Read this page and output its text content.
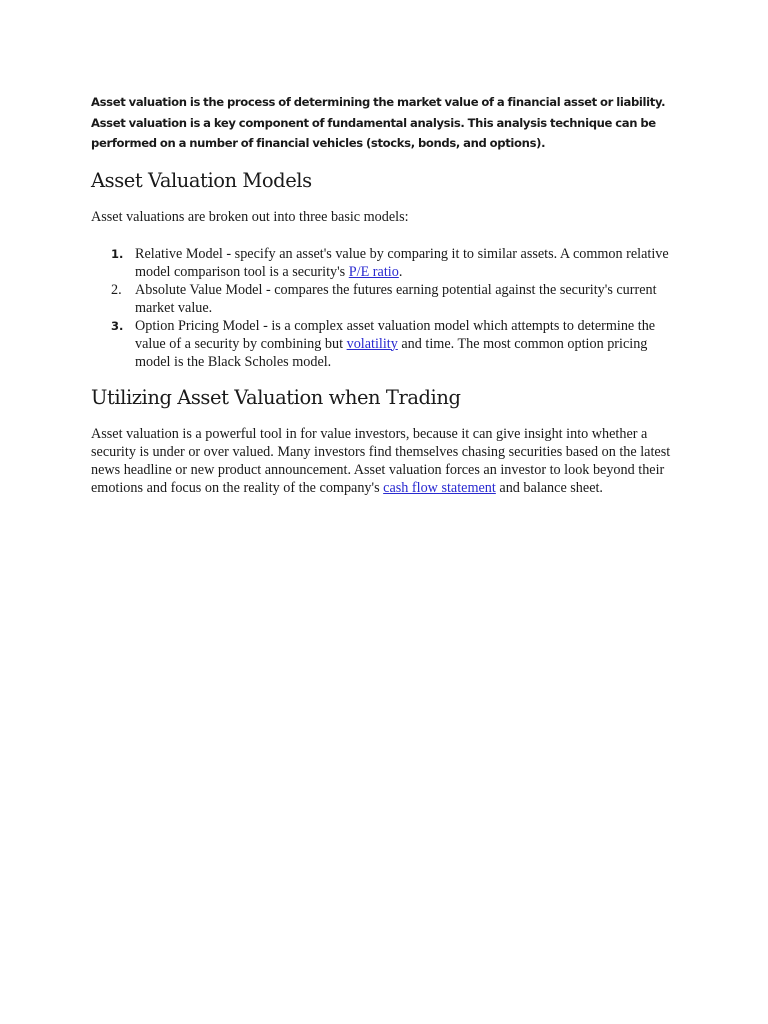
Asset valuation is the process of determining the market value of a financial asset or liability. Asset valuation is a key component of fundamental analysis. This analysis technique can be performed on a number of financial vehicles (stocks, bonds, and options).

Asset Valuation Models

Asset valuations are broken out into three basic models:

1. Relative Model - specify an asset's value by comparing it to similar assets. A common relative model comparison tool is a security's P/E ratio.
2. Absolute Value Model - compares the futures earning potential against the security's current market value.
3. Option Pricing Model - is a complex asset valuation model which attempts to determine the value of a security by combining but volatility and time. The most common option pricing model is the Black Scholes model.
Utilizing Asset Valuation when Trading

Asset valuation is a powerful tool in for value investors, because it can give insight into whether a security is under or over valued. Many investors find themselves chasing securities based on the latest news headline or new product announcement. Asset valuation forces an investor to look beyond their emotions and focus on the reality of the company's cash flow statement and balance sheet.
